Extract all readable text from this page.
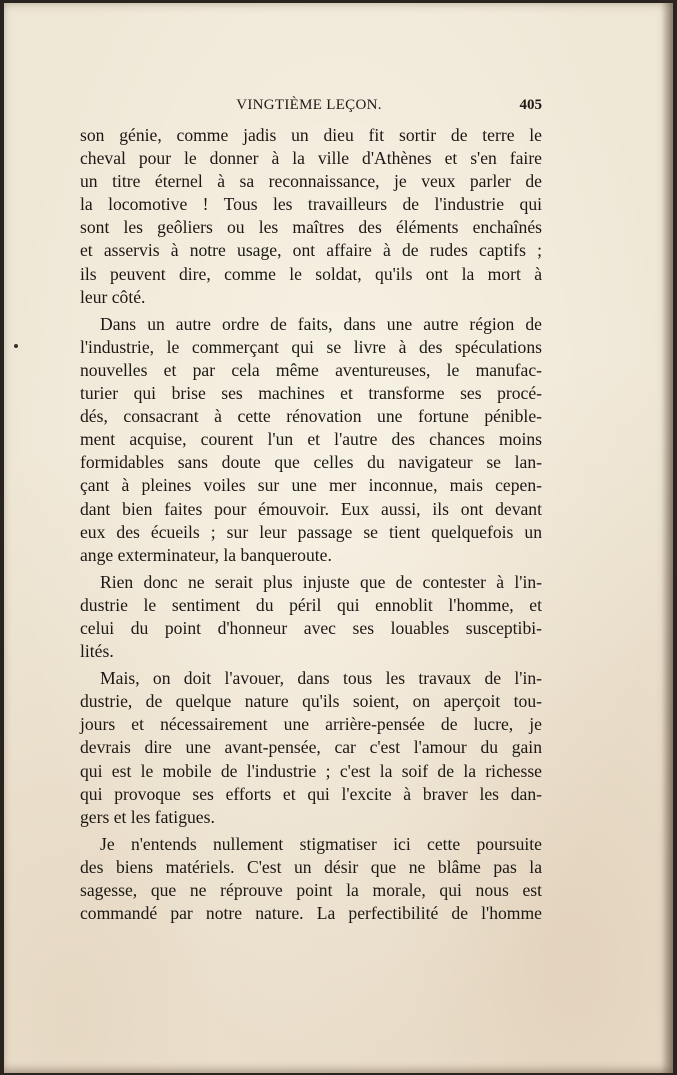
VINGTIÈME LEÇON.	405

son génie, comme jadis un dieu fit sortir de terre le
cheval pour le donner à la ville d'Athènes et s'en faire
un titre éternel à sa reconnaissance, je veux parler de
la locomotive ! Tous les travailleurs de l'industrie qui
sont les geôliers ou les maîtres des éléments enchaînés
et asservis à notre usage, ont affaire à de rudes captifs ;
ils peuvent dire, comme le soldat, qu'ils ont la mort à
leur côté.

Dans un autre ordre de faits, dans une autre région de
l'industrie, le commerçant qui se livre à des spéculations
nouvelles et par cela même aventureuses, le manufac-
turier qui brise ses machines et transforme ses procé-
dés, consacrant à cette rénovation une fortune pénible-
ment acquise, courent l'un et l'autre des chances moins
formidables sans doute que celles du navigateur se lan-
çant à pleines voiles sur une mer inconnue, mais cepen-
dant bien faites pour émouvoir. Eux aussi, ils ont devant
eux des écueils ; sur leur passage se tient quelquefois un
ange exterminateur, la banqueroute.

Rien donc ne serait plus injuste que de contester à l'in-
dustrie le sentiment du péril qui ennoblit l'homme, et
celui du point d'honneur avec ses louables susceptibi-
lités.

Mais, on doit l'avouer, dans tous les travaux de l'in-
dustrie, de quelque nature qu'ils soient, on aperçoit tou-
jours et nécessairement une arrière-pensée de lucre, je
devrais dire une avant-pensée, car c'est l'amour du gain
qui est le mobile de l'industrie ; c'est la soif de la richesse
qui provoque ses efforts et qui l'excite à braver les dan-
gers et les fatigues.

Je n'entends nullement stigmatiser ici cette poursuite
des biens matériels. C'est un désir que ne blâme pas la
sagesse, que ne réprouve point la morale, qui nous est
commandé par notre nature. La perfectibilité de l'homme
